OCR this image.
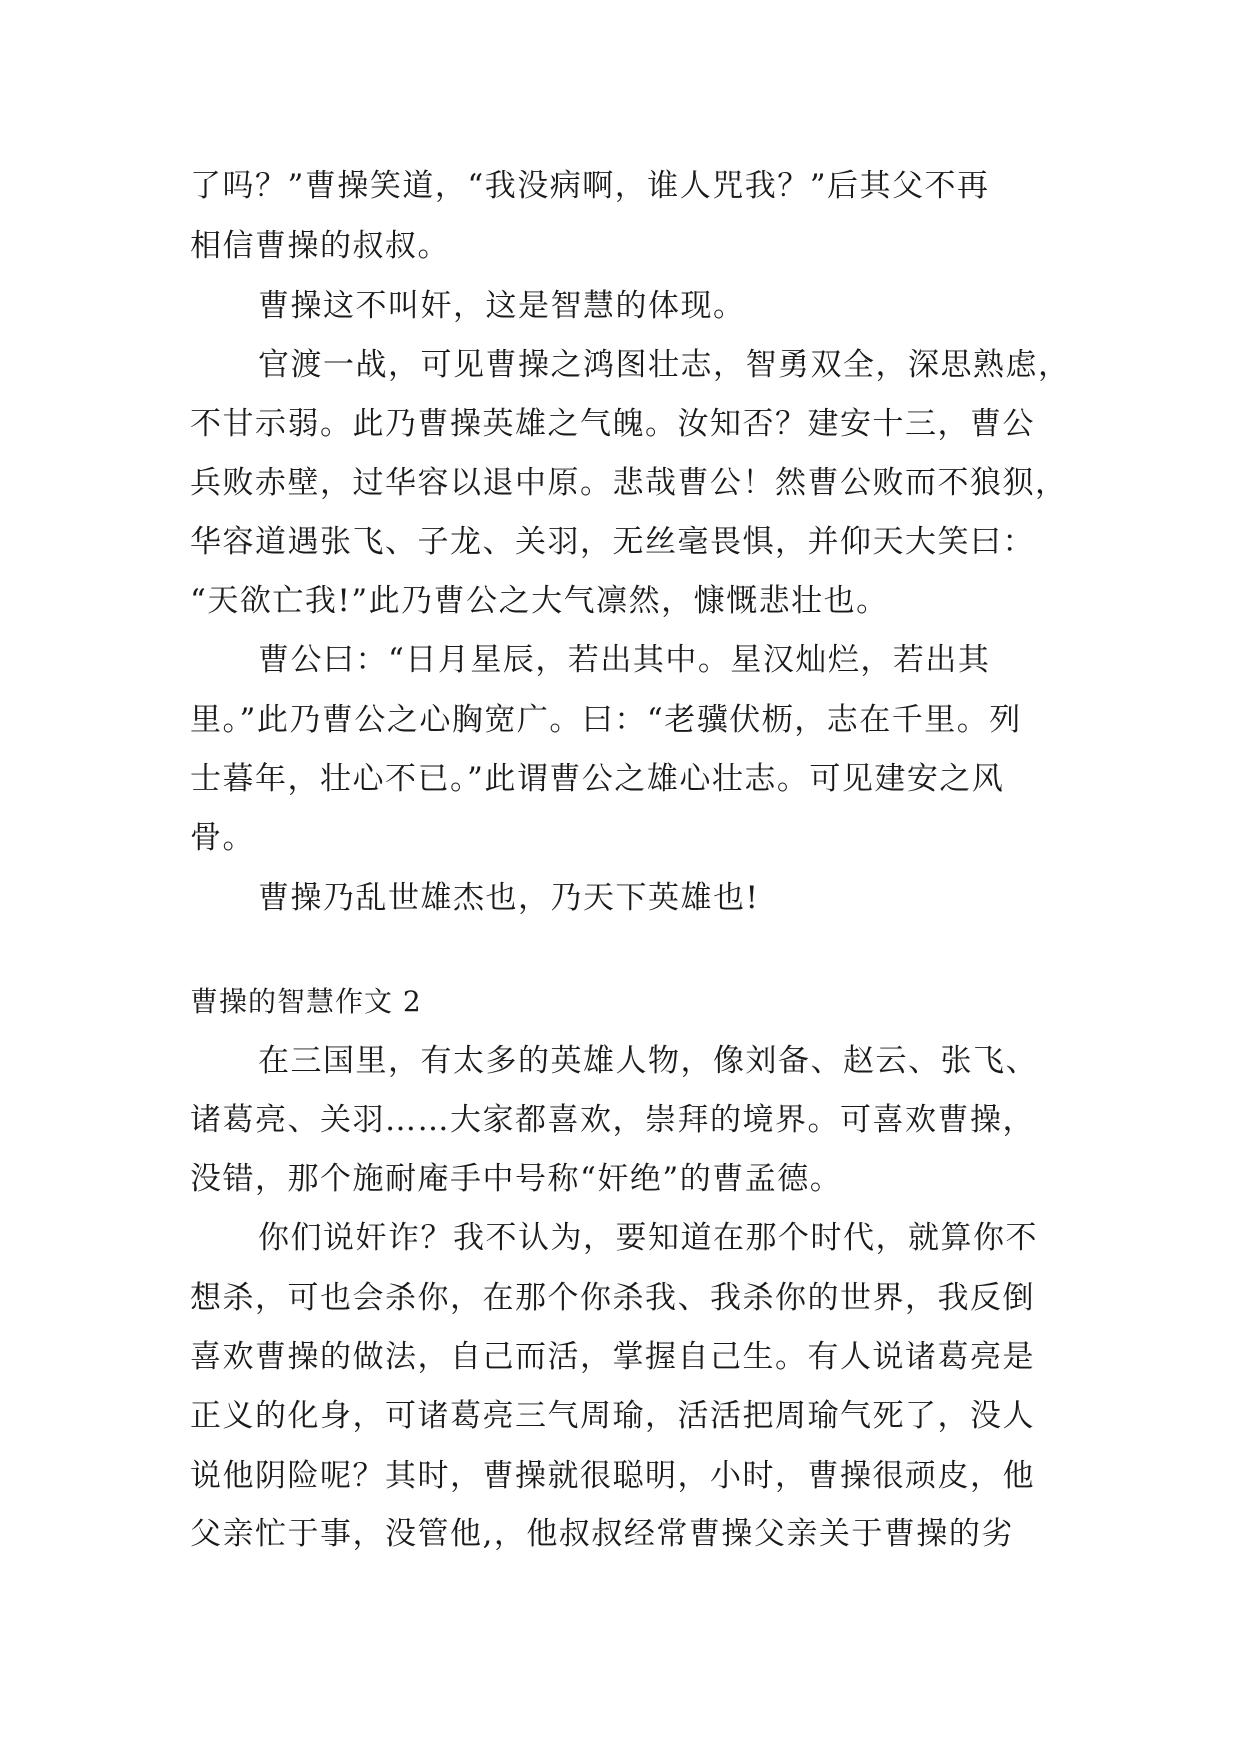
了吗？”曹操笑道，“我没病啊，谁人咒我？”后其父不再
相信曹操的叔叔。
曹操这不叫奸，这是智慧的体现。
官渡一战，可见曹操之鸿图壮志，智勇双全，深思熟虑，
不甘示弱。此乃曹操英雄之气魄。汝知否？建安十三，曹公
兵败赤壁，过华容以退中原。悲哉曹公！然曹公败而不狼狈，
华容道遇张飞、子龙、关羽，无丝毫畏惧，并仰天大笑曰：
“天欲亡我!”此乃曹公之大气凛然，慷慨悲壮也。
曹公曰：“日月星辰，若出其中。星汉灿烂，若出其
里。”此乃曹公之心胸宽广。曰：“老骥伏枥，志在千里。列
士暮年，壮心不已。”此谓曹公之雄心壮志。可见建安之风
骨。
曹操乃乱世雄杰也，乃天下英雄也!
曹操的智慧作文 2
在三国里，有太多的英雄人物，像刘备、赵云、张飞、
诸葛亮、关羽……大家都喜欢，崇拜的境界。可喜欢曹操，
没错，那个施耐庵手中号称“奸绝”的曹孟德。
你们说奸诈？我不认为，要知道在那个时代，就算你不
想杀，可也会杀你，在那个你杀我、我杀你的世界，我反倒
喜欢曹操的做法，自己而活，掌握自己生。有人说诸葛亮是
正义的化身，可诸葛亮三气周瑜，活活把周瑜气死了，没人
说他阴险呢？其时，曹操就很聪明，小时，曹操很顽皮，他
父亲忙于事，没管他,，他叔叔经常曹操父亲关于曹操的劣
